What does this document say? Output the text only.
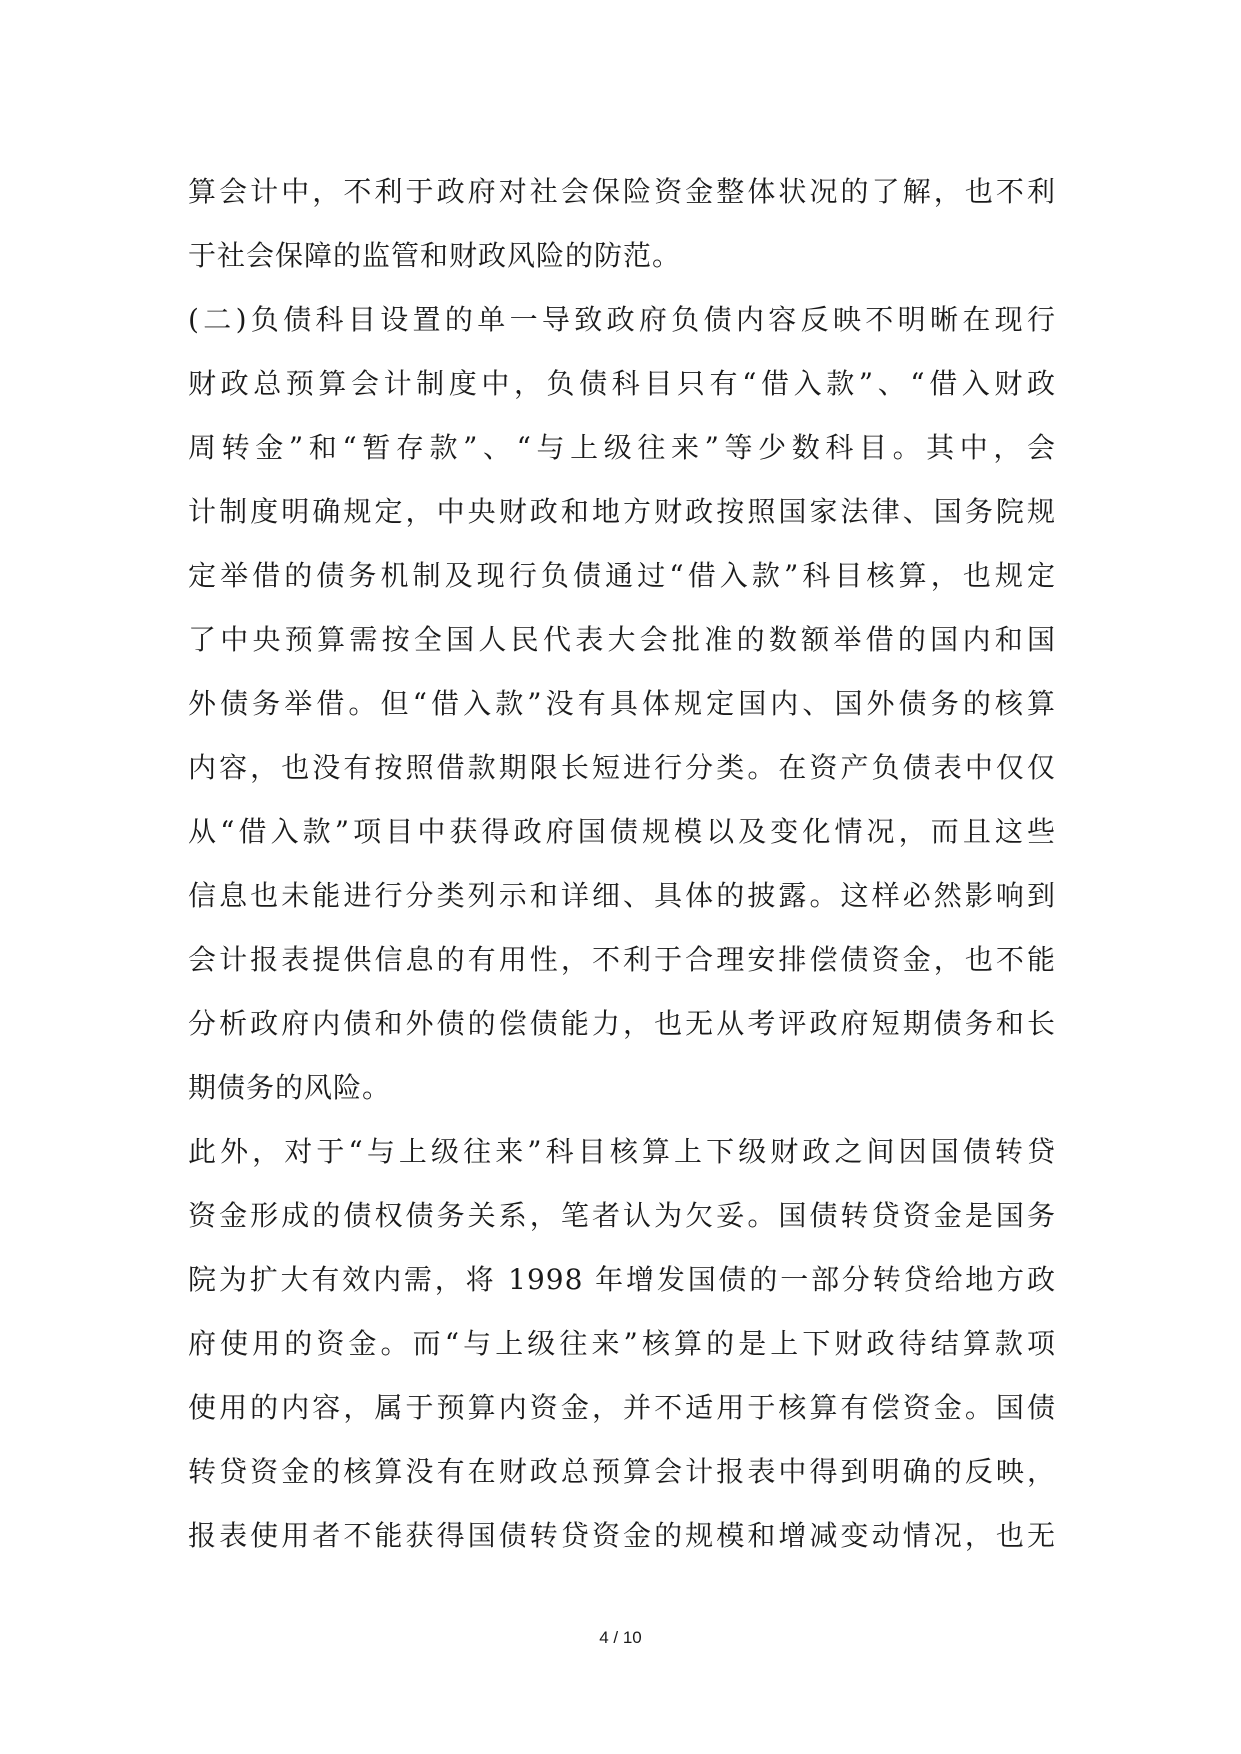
算会计中，不利于政府对社会保险资金整体状况的了解，也不利
于社会保障的监管和财政风险的防范。
(二)负债科目设置的单一导致政府负债内容反映不明晰在现行
财政总预算会计制度中，负债科目只有“借入款”、“借入财政
周转金”和“暂存款”、“与上级往来”等少数科目。其中，会
计制度明确规定，中央财政和地方财政按照国家法律、国务院规
定举借的债务机制及现行负债通过“借入款”科目核算，也规定
了中央预算需按全国人民代表大会批准的数额举借的国内和国
外债务举借。但“借入款”没有具体规定国内、国外债务的核算
内容，也没有按照借款期限长短进行分类。在资产负债表中仅仅
从“借入款”项目中获得政府国债规模以及变化情况，而且这些
信息也未能进行分类列示和详细、具体的披露。这样必然影响到
会计报表提供信息的有用性，不利于合理安排偿债资金，也不能
分析政府内债和外债的偿债能力，也无从考评政府短期债务和长
期债务的风险。
此外，对于“与上级往来”科目核算上下级财政之间因国债转贷
资金形成的债权债务关系，笔者认为欠妥。国债转贷资金是国务
院为扩大有效内需，将 1998 年增发国债的一部分转贷给地方政
府使用的资金。而“与上级往来”核算的是上下财政待结算款项
使用的内容，属于预算内资金，并不适用于核算有偿资金。国债
转贷资金的核算没有在财政总预算会计报表中得到明确的反映，
报表使用者不能获得国债转贷资金的规模和增减变动情况，也无
4 / 10
